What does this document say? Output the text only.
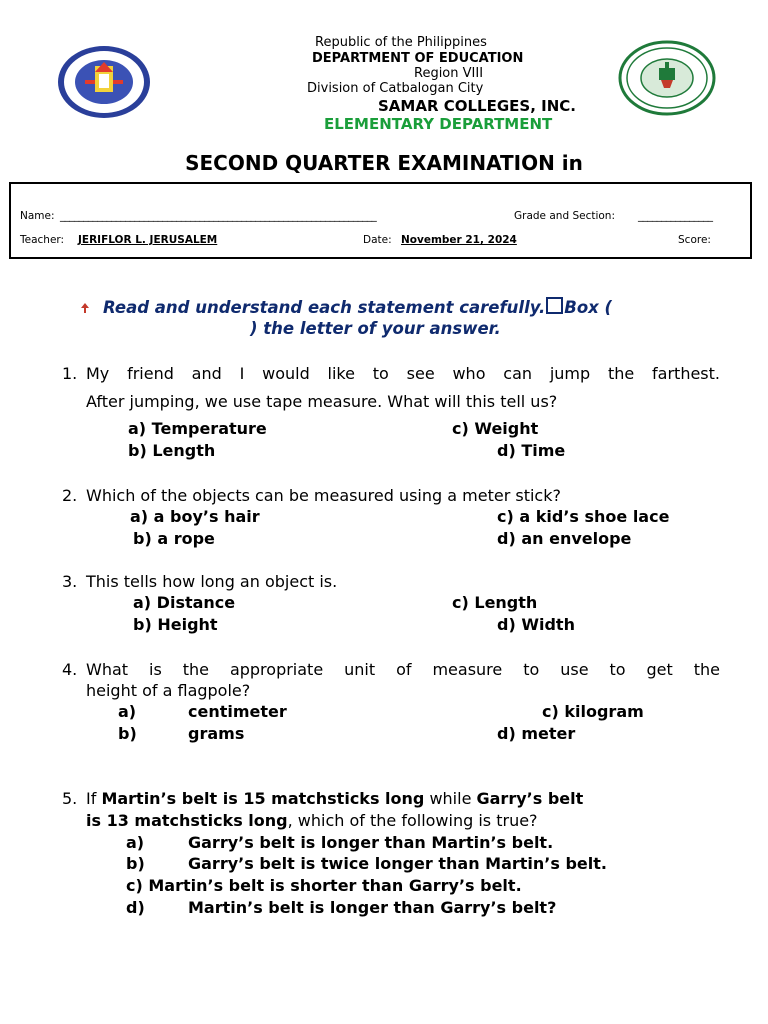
Republic of the Philippines
DEPARTMENT OF EDUCATION
Region VIII
Division of Catbalogan City
SAMAR COLLEGES, INC.
ELEMENTARY DEPARTMENT
SECOND QUARTER EXAMINATION in
Name: ____________________________________________________________________	Grade and Section: ________________
Teacher: JERIFLOR L. JERUSALEM	Date: November 21, 2024	Score:
Read and understand each statement carefully. Box (
) the letter of your answer.
1. My friend and I would like to see who can jump the farthest.
After jumping, we use tape measure. What will this tell us?
a) Temperature	c) Weight
b) Length	d) Time
2. Which of the objects can be measured using a meter stick?
a) a boy’s hair	c) a kid’s shoe lace
b) a rope	d) an envelope
3. This tells how long an object is.
a) Distance	c) Length
b) Height	d) Width
4. What is the appropriate unit of measure to use to get the
height of a flagpole?
a)	centimeter	c) kilogram
b)	grams	d) meter
5. If Martin’s belt is 15 matchsticks long while Garry’s belt
is 13 matchsticks long, which of the following is true?
a)	Garry’s belt is longer than Martin’s belt.
b)	Garry’s belt is twice longer than Martin’s belt.
c) Martin’s belt is shorter than Garry’s belt.
d)	Martin’s belt is longer than Garry’s belt?
